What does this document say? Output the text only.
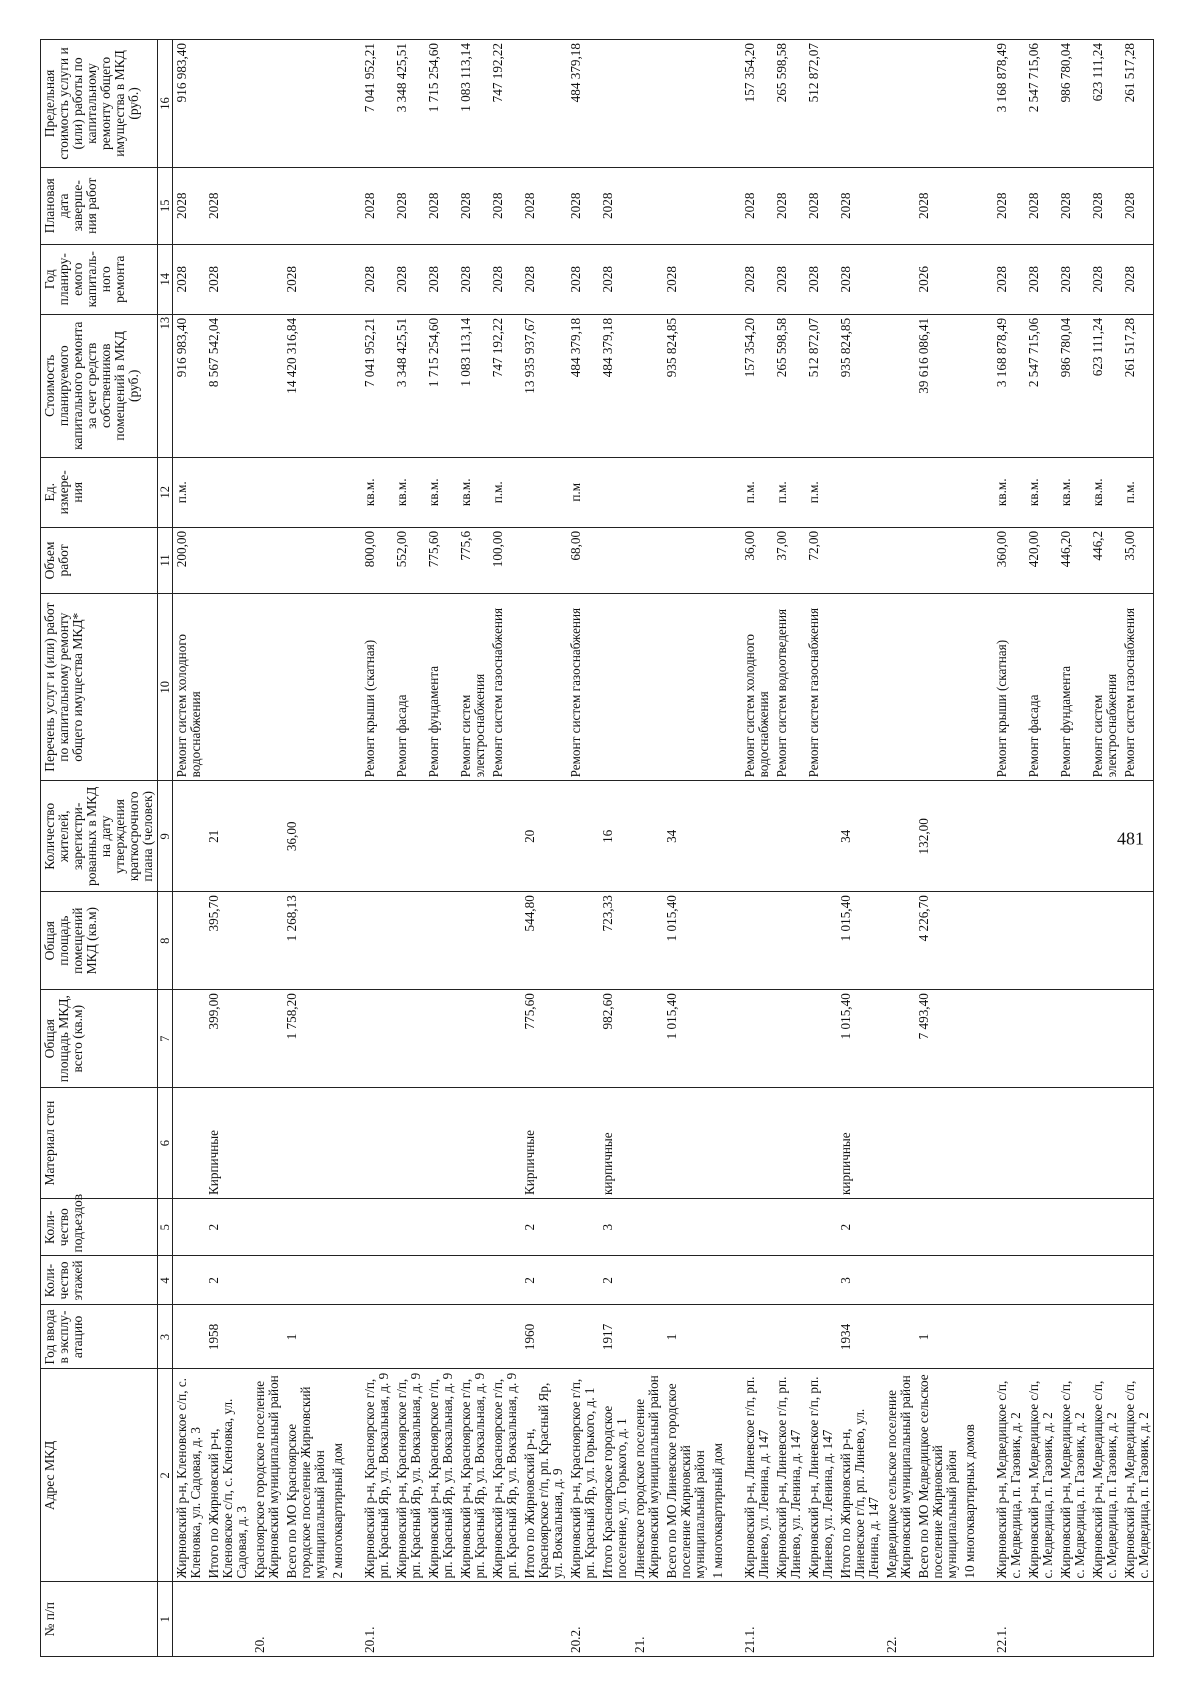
481
№ п/п	Адрес МКД	Год ввода в эксплу-атацию	Коли-чество этажей	Коли-чество подъездов	Материал стен	Общая площадь МКД, всего (кв.м)	Общая площадь помещений МКД (кв.м)	Количество жителей, зарегистри-рованных в МКД на дату утверждения краткосрочного плана (человек)	Перечень услуг и (или) работ по капитальному ремонту общего имущества МКД*	Объем работ	Ед. измере-ния	Стоимость планируемого капитального ремонта за счет средств собственников помещений в МКД (руб.)	Год планиру-емого капиталь-ного ремонта	Плановая дата заверше-ния работ	Предельная стоимость услуги и (или) работы по капитальному ремонту общего имущества в МКД (руб.)
1	2	3	4	5	6	7	8	9	10	11	12	13	14	15	16
	Жирновский р-н, Кленовское с/п, с. Кленовка, ул. Садовая, д. 3								Ремонт систем холодного водоснабжения	200,00	п.м.	916 983,40	2028	2028	916 983,40
	Итого по Жирновский р-н, Кленовское с/п, с. Кленовка, ул. Садовая, д. 3	1958	2	2	Кирпичные	399,00	395,70	21				8 567 542,04	2028	2028	
20.	Красноярское городское поселение Жирновский муниципальный район														
	Всего по МО Красноярское городское поселение Жирновский муниципальный район	1				1 758,20	1 268,13	36,00				14 420 316,84	2028		
	2 многоквартирный дом														
20.1.	Жирновский р-н, Красноярское г/п, рп. Красный Яр, ул. Вокзальная, д. 9								Ремонт крыши (скатная)	800,00	кв.м.	7 041 952,21	2028	2028	7 041 952,21
	Жирновский р-н, Красноярское г/п, рп. Красный Яр, ул. Вокзальная, д. 9								Ремонт фасада	552,00	кв.м.	3 348 425,51	2028	2028	3 348 425,51
	Жирновский р-н, Красноярское г/п, рп. Красный Яр, ул. Вокзальная, д. 9								Ремонт фундамента	775,60	кв.м.	1 715 254,60	2028	2028	1 715 254,60
	Жирновский р-н, Красноярское г/п, рп. Красный Яр, ул. Вокзальная, д. 9								Ремонт систем электроснабжения	775,6	кв.м.	1 083 113,14	2028	2028	1 083 113,14
	Жирновский р-н, Красноярское г/п, рп. Красный Яр, ул. Вокзальная, д. 9								Ремонт систем газоснабжения	100,00	п.м.	747 192,22	2028	2028	747 192,22
	Итого по Жирновский р-н, Красноярское г/п, рп. Красный Яр, ул. Вокзальная, д. 9	1960	2	2	Кирпичные	775,60	544,80	20				13 935 937,67	2028	2028	
20.2.	Жирновский р-н, Красноярское г/п, рп. Красный Яр, ул. Горького, д. 1								Ремонт систем газоснабжения	68,00	п.м	484 379,18	2028	2028	484 379,18
	Итого Красноярское городское поселение, ул. Горького, д. 1	1917	2	3	кирпичные	982,60	723,33	16				484 379,18	2028	2028	
21.	Линевское городское поселение Жирновский муниципальный район														
	Всего по МО Линевское городское поселение Жирновский муниципальный район	1				1 015,40	1 015,40	34				935 824,85	2028		
	1 многоквартирный дом														
21.1.	Жирновский р-н, Линевское г/п, рп. Линево, ул. Ленина, д. 147								Ремонт систем холодного водоснабжения	36,00	п.м.	157 354,20	2028	2028	157 354,20
	Жирновский р-н, Линевское г/п, рп. Линево, ул. Ленина, д. 147								Ремонт систем водоотведения	37,00	п.м.	265 598,58	2028	2028	265 598,58
	Жирновский р-н, Линевское г/п, рп. Линево, ул. Ленина, д. 147								Ремонт систем газоснабжения	72,00	п.м.	512 872,07	2028	2028	512 872,07
	Итого по Жирновский р-н, Линевское г/п, рп. Линево, ул. Ленина, д. 147	1934	3	2	кирпичные	1 015,40	1 015,40	34				935 824,85	2028	2028	
22.	Медведицкое сельское поселение Жирновский муниципальный район														
	Всего по МО Медведицкое сельское поселение Жирновский муниципальный район	1				7 493,40	4 226,70	132,00				39 616 086,41	2026	2028	
	10 многоквартирных домов														
22.1.	Жирновский р-н, Медведицкое с/п, с. Медведица, п. Газовик, д. 2								Ремонт крыши (скатная)	360,00	кв.м.	3 168 878,49	2028	2028	3 168 878,49
	Жирновский р-н, Медведицкое с/п, с. Медведица, п. Газовик, д. 2								Ремонт фасада	420,00	кв.м.	2 547 715,06	2028	2028	2 547 715,06
	Жирновский р-н, Медведицкое с/п, с. Медведица, п. Газовик, д. 2								Ремонт фундамента	446,20	кв.м.	986 780,04	2028	2028	986 780,04
	Жирновский р-н, Медведицкое с/п, с. Медведица, п. Газовик, д. 2								Ремонт систем электроснабжения	446,2	кв.м.	623 111,24	2028	2028	623 111,24
	Жирновский р-н, Медведицкое с/п, с. Медведица, п. Газовик, д. 2								Ремонт систем газоснабжения	35,00	п.м.	261 517,28	2028	2028	261 517,28
